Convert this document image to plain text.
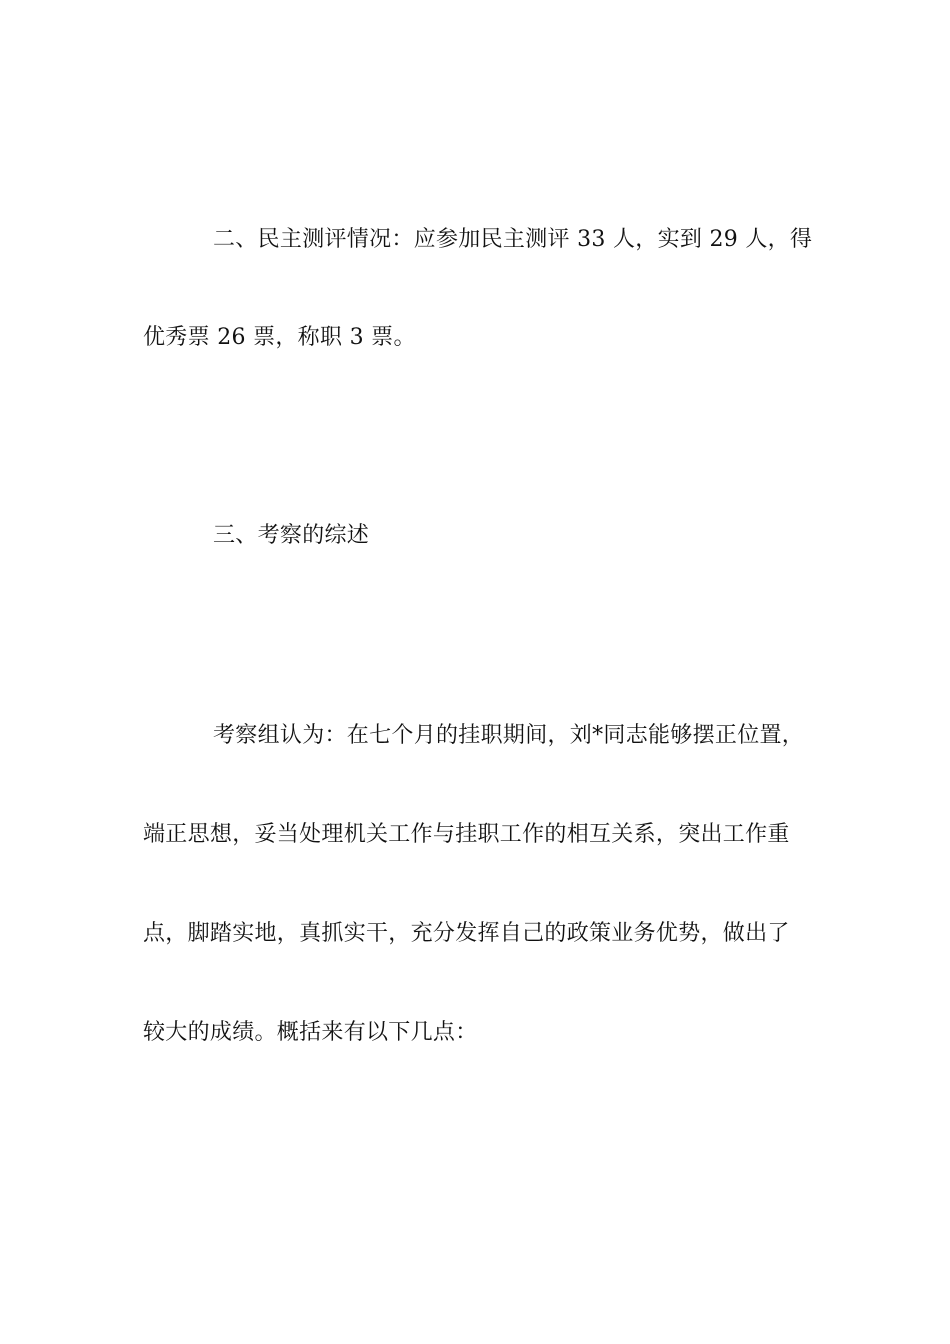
二、民主测评情况：应参加民主测评 33 人，实到 29 人，得
优秀票 26 票，称职 3 票。
三、考察的综述
考察组认为：在七个月的挂职期间，刘*同志能够摆正位置，
端正思想，妥当处理机关工作与挂职工作的相互关系，突出工作重
点，脚踏实地，真抓实干，充分发挥自己的政策业务优势，做出了
较大的成绩。概括来有以下几点：
